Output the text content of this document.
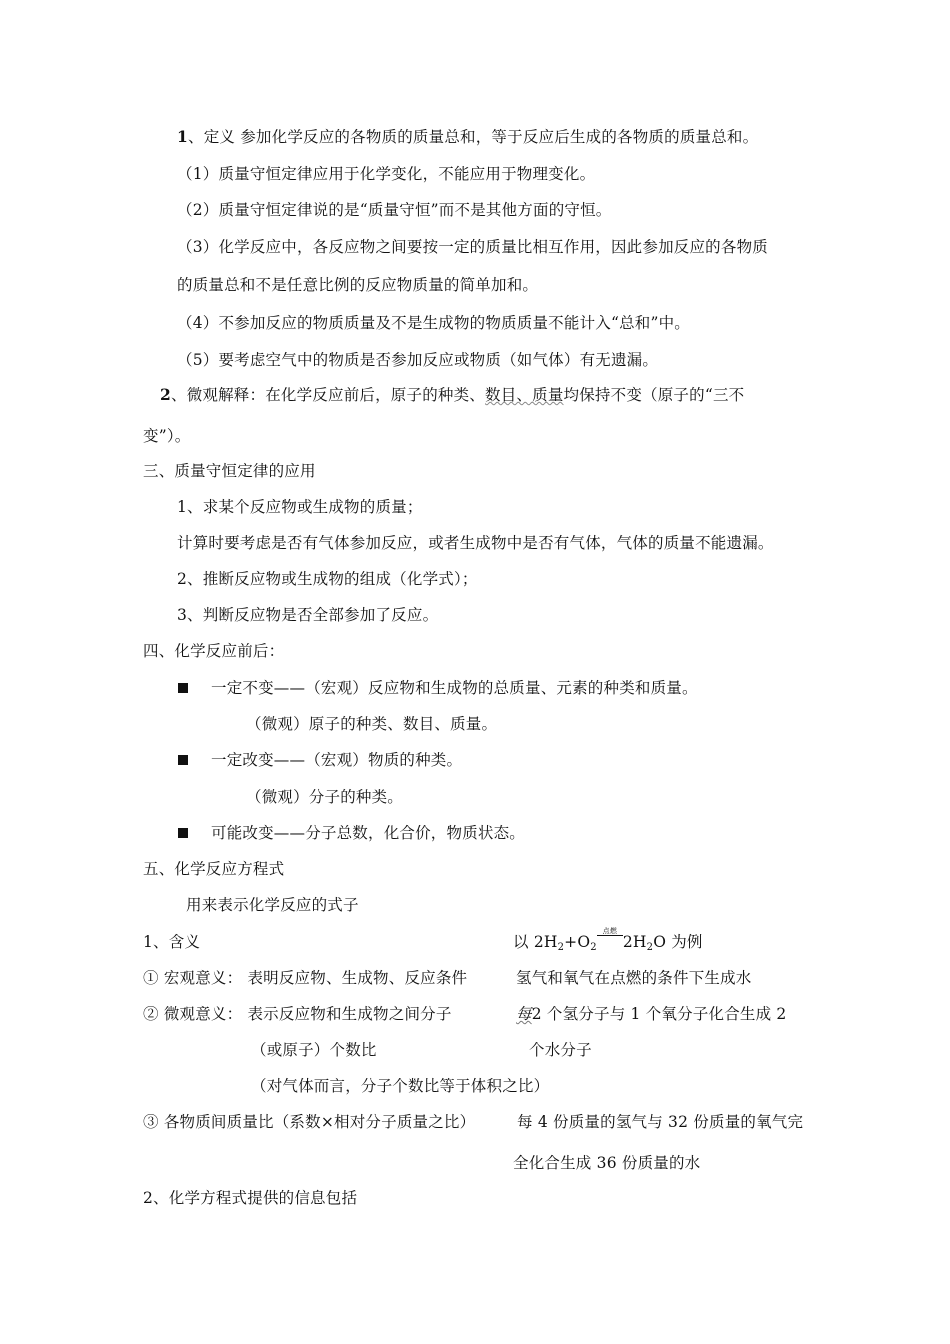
1、定义 参加化学反应的各物质的质量总和，等于反应后生成的各物质的质量总和。
（1）质量守恒定律应用于化学变化，不能应用于物理变化。
（2）质量守恒定律说的是“质量守恒”而不是其他方面的守恒。
（3）化学反应中，各反应物之间要按一定的质量比相互作用，因此参加反应的各物质
的质量总和不是任意比例的反应物质量的简单加和。
（4）不参加反应的物质质量及不是生成物的物质质量不能计入“总和”中。
（5）要考虑空气中的物质是否参加反应或物质（如气体）有无遗漏。
2、微观解释：在化学反应前后，原子的种类、数目、质量均保持不变（原子的“三不
变”）。
三、质量守恒定律的应用
1、求某个反应物或生成物的质量；
计算时要考虑是否有气体参加反应，或者生成物中是否有气体，气体的质量不能遗漏。
2、推断反应物或生成物的组成（化学式）；
3、判断反应物是否全部参加了反应。
四、化学反应前后：
一定不变——（宏观）反应物和生成物的总质量、元素的种类和质量。
（微观）原子的种类、数目、质量。
一定改变——（宏观）物质的种类。
（微观）分子的种类。
可能改变——分子总数，化合价，物质状态。
五、化学反应方程式
用来表示化学反应的式子
1、含义	以 $2H_2+O_2$
点燃
$2H_2O$ 为例
① 宏观意义： 表明反应物、生成物、反应条件	氢气和氧气在点燃的条件下生成水
② 微观意义： 表示反应物和生成物之间分子	每2 个氢分子与 1 个氧分子化合生成 2
（或原子）个数比	个水分子
（对气体而言，分子个数比等于体积之比）
③ 各物质间质量比（系数×相对分子质量之比）	每 4 份质量的氢气与 32 份质量的氧气完
全化合生成 36 份质量的水
2、化学方程式提供的信息包括
